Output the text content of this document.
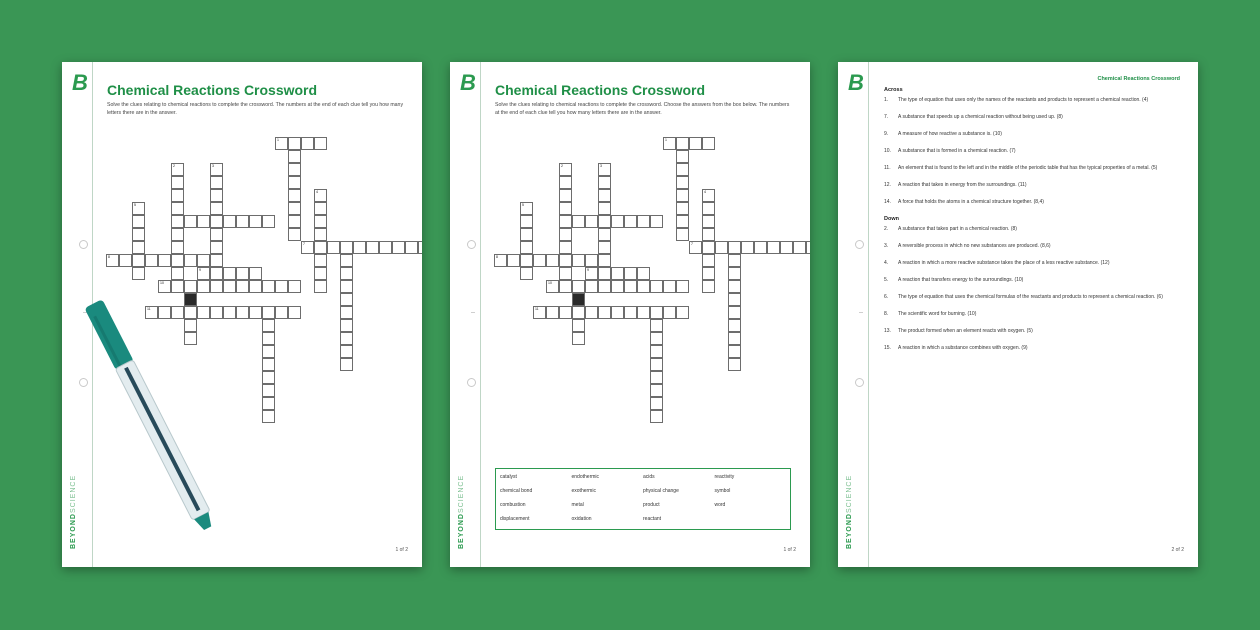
B
BEYONDSCIENCE
Chemical Reactions Crossword
Solve the clues relating to chemical reactions to complete the crossword. The numbers at the end of each clue tell you how many letters there are in the answer.
1
2	3
4
5
7
8
9
10
11
1 of 2
B
BEYONDSCIENCE
Chemical Reactions Crossword
Solve the clues relating to chemical reactions to complete the crossword. Choose the answers from the box below. The numbers at the end of each clue tell you how many letters there are in the answer.
1
2	3
4
5
7
8
9
10
11
catalyst	endothermic	acids	reactivity
chemical bond	exothermic	physical change	symbol
combustion	metal	product	word
displacement	oxidation	reactant
1 of 2
B
BEYONDSCIENCE
Chemical Reactions Crossword
Across
1.	The type of equation that uses only the names of the reactants and products to represent a chemical reaction. (4)
7.	A substance that speeds up a chemical reaction without being used up. (8)
9.	A measure of how reactive a substance is. (10)
10.	A substance that is formed in a chemical reaction. (7)
11.	An element that is found to the left and in the middle of the periodic table that has the typical properties of a metal. (5)
12.	A reaction that takes in energy from the surroundings. (11)
14.	A force that holds the atoms in a chemical structure together. (8,4)
Down
2.	A substance that takes part in a chemical reaction. (8)
3.	A reversible process in which no new substances are produced. (8,6)
4.	A reaction in which a more reactive substance takes the place of a less reactive substance. (12)
5.	A reaction that transfers energy to the surroundings. (10)
6.	The type of equation that uses the chemical formulas of the reactants and products to represent a chemical reaction. (6)
8.	The scientific word for burning. (10)
13.	The product formed when an element reacts with oxygen. (5)
15.	A reaction in which a substance combines with oxygen. (9)
2 of 2
